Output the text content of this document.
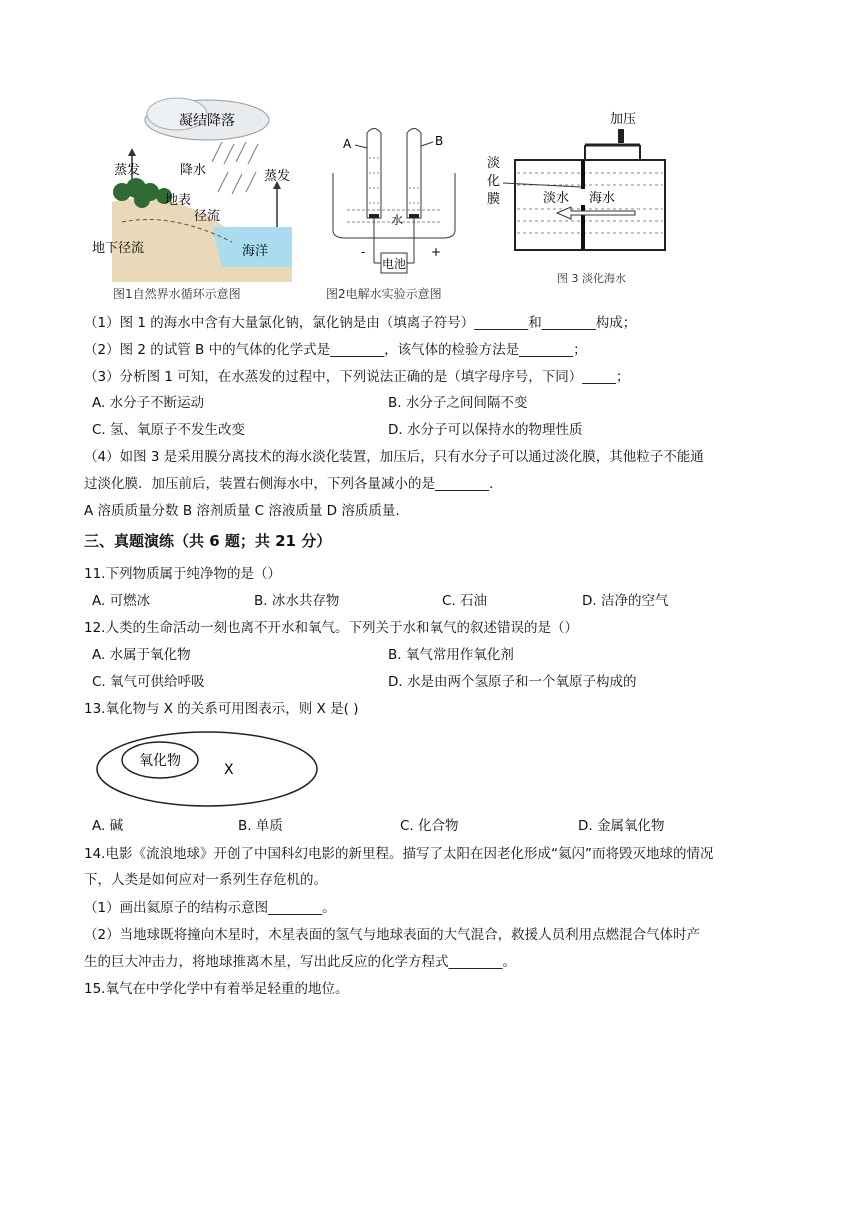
凝结降落
蒸发	降水	蒸发
地表
径流
地下径流	海洋
图1自然界水循环示意图
A	B
水
电池
-	+
图2电解水实验示意图
加压
淡
化
膜	淡水 海水
图 3 淡化海水
（1）图 1 的海水中含有大量氯化钠，氯化钠是由（填离子符号）________和________构成；
（2）图 2 的试管 B 中的气体的化学式是________，该气体的检验方法是________；
（3）分析图 1 可知，在水蒸发的过程中，下列说法正确的是（填字母序号，下同）_____；
A. 水分子不断运动	B. 水分子之间间隔不变
C. 氢、氧原子不发生改变	D. 水分子可以保持水的物理性质
（4）如图 3 是采用膜分离技术的海水淡化装置，加压后，只有水分子可以通过淡化膜，其他粒子不能通
过淡化膜．加压前后，装置右侧海水中，下列各量减小的是________.
A 溶质质量分数 B 溶剂质量 C 溶液质量 D 溶质质量.
三、真题演练（共 6 题；共 21 分）
11.下列物质属于纯净物的是（）
A. 可燃冰	B. 冰水共存物	C. 石油	D. 洁净的空气
12.人类的生命活动一刻也离不开水和氧气。下列关于水和氧气的叙述错误的是（）
A. 水属于氧化物	B. 氧气常用作氧化剂
C. 氧气可供给呼吸	D. 水是由两个氢原子和一个氧原子构成的
13.氧化物与 X 的关系可用图表示，则 X 是( )
氧化物
X
A. 碱	B. 单质	C. 化合物	D. 金属氧化物
14.电影《流浪地球》开创了中国科幻电影的新里程。描写了太阳在因老化形成“氦闪”而将毁灭地球的情况
下，人类是如何应对一系列生存危机的。
（1）画出氦原子的结构示意图________。
（2）当地球既将撞向木星时，木星表面的氢气与地球表面的大气混合，救援人员利用点燃混合气体时产
生的巨大冲击力，将地球推离木星，写出此反应的化学方程式________。
15.氧气在中学化学中有着举足轻重的地位。
